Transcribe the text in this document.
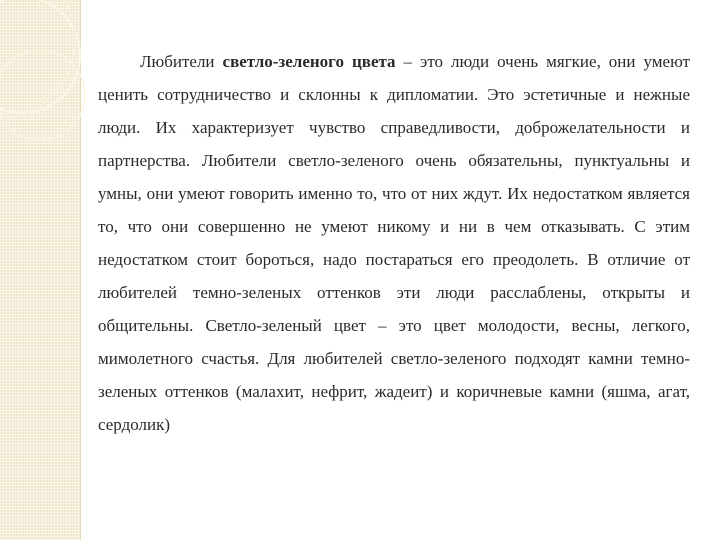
Любители светло-зеленого цвета – это люди очень мягкие, они умеют ценить сотрудничество и склонны к дипломатии. Это эстетичные и нежные люди. Их характеризует чувство справедливости, доброжелательности и партнерства. Любители светло-зеленого очень обязательны, пунктуальны и умны, они умеют говорить именно то, что от них ждут. Их недостатком является то, что они совершенно не умеют никому и ни в чем отказывать. С этим недостатком стоит бороться, надо постараться его преодолеть. В отличие от любителей темно-зеленых оттенков эти люди расслаблены, открыты и общительны. Светло-зеленый цвет – это цвет молодости, весны, легкого, мимолетного счастья. Для любителей светло-зеленого подходят камни темно-зеленых оттенков (малахит, нефрит, жадеит) и коричневые камни (яшма, агат, сердолик)
